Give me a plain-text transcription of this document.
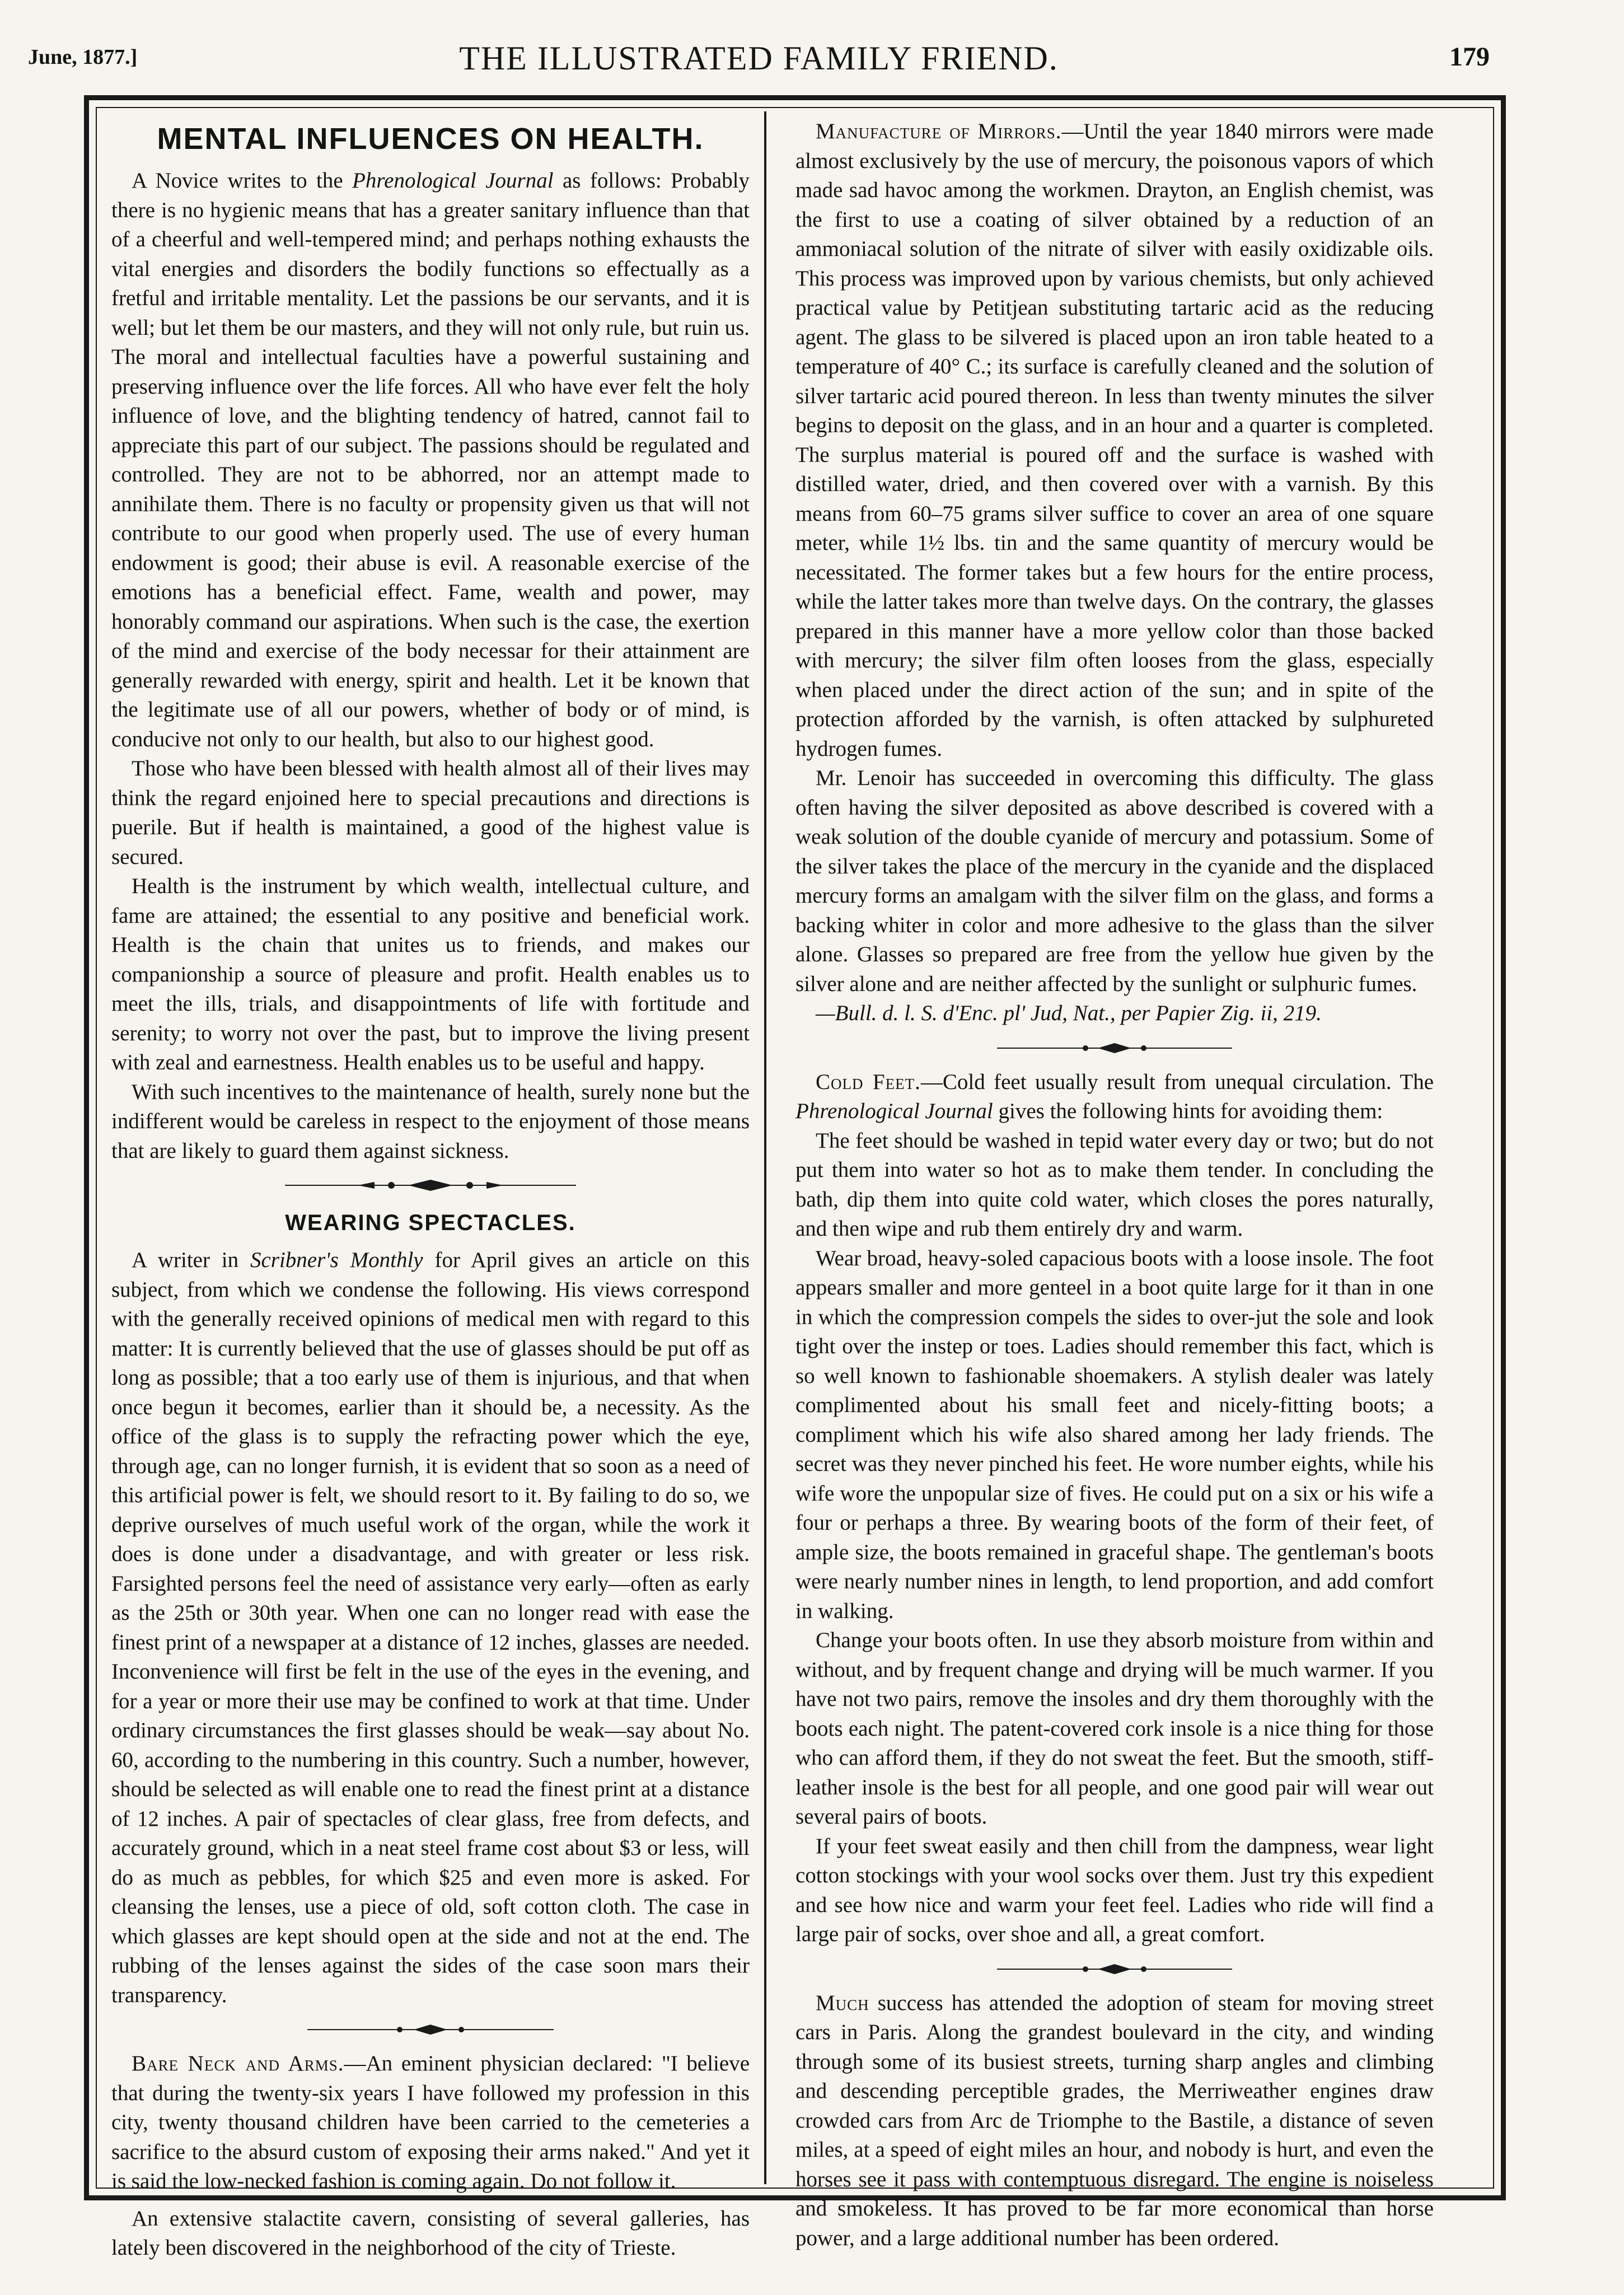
June, 1877.]	THE ILLUSTRATED FAMILY FRIEND.	179
MENTAL INFLUENCES ON HEALTH.

A Novice writes to the Phrenological Journal as follows: Probably there is no hygienic means that has a greater sanitary influence than that of a cheerful and well-tempered mind; and perhaps nothing exhausts the vital energies and disorders the bodily functions so effectually as a fretful and irritable mentality. Let the passions be our servants, and it is well; but let them be our masters, and they will not only rule, but ruin us. The moral and intellectual faculties have a powerful sustaining and preserving influence over the life forces. All who have ever felt the holy influence of love, and the blighting tendency of hatred, cannot fail to appreciate this part of our subject. The passions should be regulated and controlled. They are not to be abhorred, nor an attempt made to annihilate them. There is no faculty or propensity given us that will not contribute to our good when properly used. The use of every human endowment is good; their abuse is evil. A reasonable exercise of the emotions has a beneficial effect. Fame, wealth and power, may honorably command our aspirations. When such is the case, the exertion of the mind and exercise of the body necessar for their attainment are generally rewarded with energy, spirit and health. Let it be known that the legitimate use of all our powers, whether of body or of mind, is conducive not only to our health, but also to our highest good.

Those who have been blessed with health almost all of their lives may think the regard enjoined here to special precautions and directions is puerile. But if health is maintained, a good of the highest value is secured.

Health is the instrument by which wealth, intellectual culture, and fame are attained; the essential to any positive and beneficial work. Health is the chain that unites us to friends, and makes our companionship a source of pleasure and profit. Health enables us to meet the ills, trials, and disappointments of life with fortitude and serenity; to worry not over the past, but to improve the living present with zeal and earnestness. Health enables us to be useful and happy.

With such incentives to the maintenance of health, surely none but the indifferent would be careless in respect to the enjoyment of those means that are likely to guard them against sickness.

WEARING SPECTACLES.

A writer in Scribner's Monthly for April gives an article on this subject, from which we condense the following. His views correspond with the generally received opinions of medical men with regard to this matter: It is currently believed that the use of glasses should be put off as long as possible; that a too early use of them is injurious, and that when once begun it becomes, earlier than it should be, a necessity. As the office of the glass is to supply the refracting power which the eye, through age, can no longer furnish, it is evident that so soon as a need of this artificial power is felt, we should resort to it. By failing to do so, we deprive ourselves of much useful work of the organ, while the work it does is done under a disadvantage, and with greater or less risk. Farsighted persons feel the need of assistance very early—often as early as the 25th or 30th year. When one can no longer read with ease the finest print of a newspaper at a distance of 12 inches, glasses are needed. Inconvenience will first be felt in the use of the eyes in the evening, and for a year or more their use may be confined to work at that time. Under ordinary circumstances the first glasses should be weak—say about No. 60, according to the numbering in this country. Such a number, however, should be selected as will enable one to read the finest print at a distance of 12 inches. A pair of spectacles of clear glass, free from defects, and accurately ground, which in a neat steel frame cost about $3 or less, will do as much as pebbles, for which $25 and even more is asked. For cleansing the lenses, use a piece of old, soft cotton cloth. The case in which glasses are kept should open at the side and not at the end. The rubbing of the lenses against the sides of the case soon mars their transparency.

Bare Neck and Arms.—An eminent physician declared: "I believe that during the twenty-six years I have followed my profession in this city, twenty thousand children have been carried to the cemeteries a sacrifice to the absurd custom of exposing their arms naked." And yet it is said the low-necked fashion is coming again. Do not follow it.

An extensive stalactite cavern, consisting of several galleries, has lately been discovered in the neighborhood of the city of Trieste.

Manufacture of Mirrors.—Until the year 1840 mirrors were made almost exclusively by the use of mercury, the poisonous vapors of which made sad havoc among the workmen. Drayton, an English chemist, was the first to use a coating of silver obtained by a reduction of an ammoniacal solution of the nitrate of silver with easily oxidizable oils. This process was improved upon by various chemists, but only achieved practical value by Petitjean substituting tartaric acid as the reducing agent. The glass to be silvered is placed upon an iron table heated to a temperature of 40° C.; its surface is carefully cleaned and the solution of silver tartaric acid poured thereon. In less than twenty minutes the silver begins to deposit on the glass, and in an hour and a quarter is completed. The surplus material is poured off and the surface is washed with distilled water, dried, and then covered over with a varnish. By this means from 60–75 grams silver suffice to cover an area of one square meter, while 1½ lbs. tin and the same quantity of mercury would be necessitated. The former takes but a few hours for the entire process, while the latter takes more than twelve days. On the contrary, the glasses prepared in this manner have a more yellow color than those backed with mercury; the silver film often looses from the glass, especially when placed under the direct action of the sun; and in spite of the protection afforded by the varnish, is often attacked by sulphureted hydrogen fumes.

Mr. Lenoir has succeeded in overcoming this difficulty. The glass often having the silver deposited as above described is covered with a weak solution of the double cyanide of mercury and potassium. Some of the silver takes the place of the mercury in the cyanide and the displaced mercury forms an amalgam with the silver film on the glass, and forms a backing whiter in color and more adhesive to the glass than the silver alone. Glasses so prepared are free from the yellow hue given by the silver alone and are neither affected by the sunlight or sulphuric fumes.

—Bull. d. l. S. d'Enc. pl' Jud, Nat., per Papier Zig. ii, 219.

Cold Feet.—Cold feet usually result from unequal circulation. The Phrenological Journal gives the following hints for avoiding them:

The feet should be washed in tepid water every day or two; but do not put them into water so hot as to make them tender. In concluding the bath, dip them into quite cold water, which closes the pores naturally, and then wipe and rub them entirely dry and warm.

Wear broad, heavy-soled capacious boots with a loose insole. The foot appears smaller and more genteel in a boot quite large for it than in one in which the compression compels the sides to over-jut the sole and look tight over the instep or toes. Ladies should remember this fact, which is so well known to fashionable shoemakers. A stylish dealer was lately complimented about his small feet and nicely-fitting boots; a compliment which his wife also shared among her lady friends. The secret was they never pinched his feet. He wore number eights, while his wife wore the unpopular size of fives. He could put on a six or his wife a four or perhaps a three. By wearing boots of the form of their feet, of ample size, the boots remained in graceful shape. The gentleman's boots were nearly number nines in length, to lend proportion, and add comfort in walking.

Change your boots often. In use they absorb moisture from within and without, and by frequent change and drying will be much warmer. If you have not two pairs, remove the insoles and dry them thoroughly with the boots each night. The patent-covered cork insole is a nice thing for those who can afford them, if they do not sweat the feet. But the smooth, stiff-leather insole is the best for all people, and one good pair will wear out several pairs of boots.

If your feet sweat easily and then chill from the dampness, wear light cotton stockings with your wool socks over them. Just try this expedient and see how nice and warm your feet feel. Ladies who ride will find a large pair of socks, over shoe and all, a great comfort.

Much success has attended the adoption of steam for moving street cars in Paris. Along the grandest boulevard in the city, and winding through some of its busiest streets, turning sharp angles and climbing and descending perceptible grades, the Merriweather engines draw crowded cars from Arc de Triomphe to the Bastile, a distance of seven miles, at a speed of eight miles an hour, and nobody is hurt, and even the horses see it pass with contemptuous disregard. The engine is noiseless and smokeless. It has proved to be far more economical than horse power, and a large additional number has been ordered.
